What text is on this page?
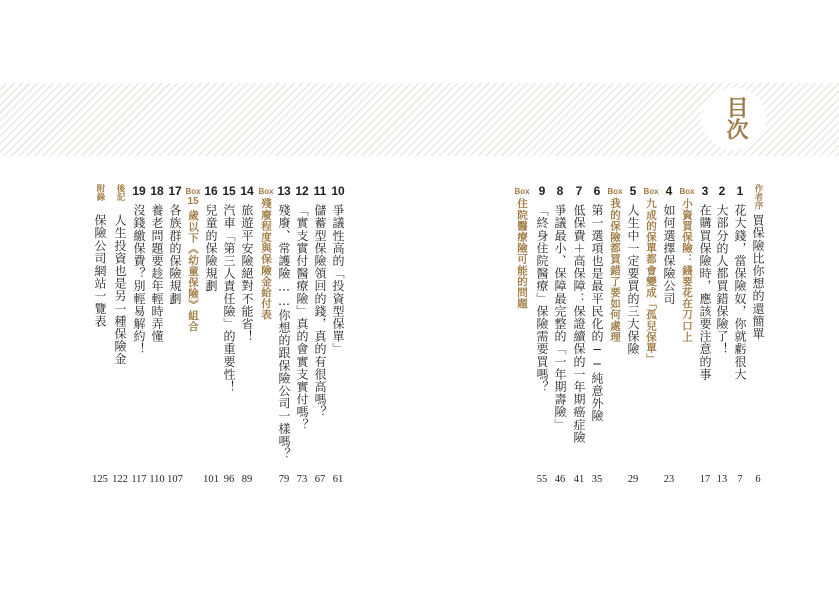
目次
作者序
買保險比你想的還簡單
6
1
花大錢，當保險奴，你就虧很大
7
2
大部分的人都買錯保險了！
13
3
在購買保險時，應該要注意的事
17
Box
小資買保險：錢要花在刀口上
4
如何選擇保險公司
23
Box
九成的保單都會變成「孤兒保單」
5
人生中一定要買的三大保險
29
Box
我的保險都買錯了要如何處理
6
第一選項也是最平民化的──純意外險
35
7
低保費＋高保障：保證續保的一年期癌症險
41
8
爭議最小、保障最完整的「一年期壽險」
46
9
「終身住院醫療」保險需要買嗎？
55
Box
住院醫療險可能的問題
10
爭議性高的「投資型保單」
61
11
儲蓄型保險領回的錢，真的有很高嗎？
67
12
「實支實付醫療險」真的會實支實付嗎？
73
13
殘廢、常護險……你想的跟保險公司一樣嗎？
79
Box
殘廢程度與保險金給付表
14
旅遊平安險絕對不能省！
89
15
汽車「第三人責任險」的重要性！
96
16
兒童的保險規劃
101
Box
15
歲以下《幼童保險》組合
17
各族群的保險規劃
107
18
養老問題要趁年輕時弄懂
110
19
沒錢繳保費？別輕易解約！
117
後記
人生投資也是另一種保險金
122
附錄
保險公司網站一覽表
125
